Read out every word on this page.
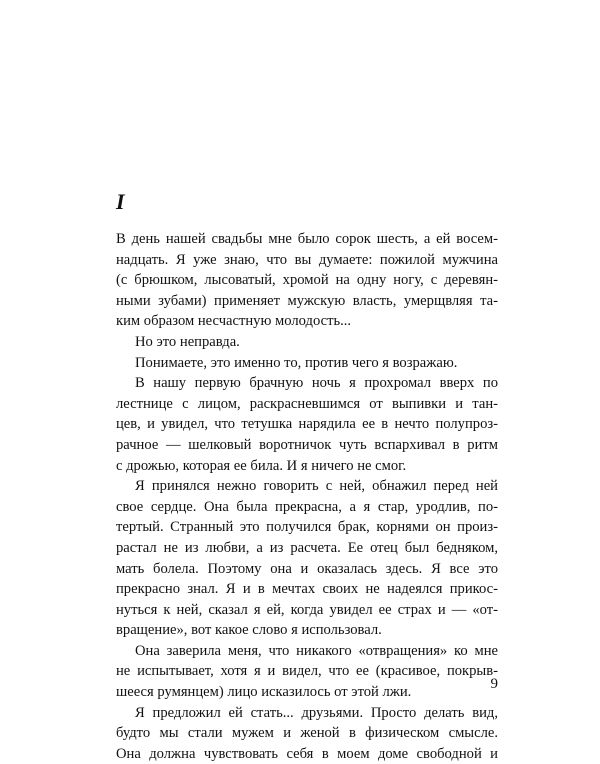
I

В день нашей свадьбы мне было сорок шесть, а ей восем-
надцать. Я уже знаю, что вы думаете: пожилой мужчина
(с брюшком, лысоватый, хромой на одну ногу, с деревян-
ными зубами) применяет мужскую власть, умерщвляя та-
ким образом несчастную молодость...
Но это неправда.
Понимаете, это именно то, против чего я возражаю.
В нашу первую брачную ночь я прохромал вверх по
лестнице с лицом, раскрасневшимся от выпивки и тан-
цев, и увидел, что тетушка нарядила ее в нечто полупроз-
рачное — шелковый воротничок чуть вспархивал в ритм
с дрожью, которая ее била. И я ничего не смог.
Я принялся нежно говорить с ней, обнажил перед ней
свое сердце. Она была прекрасна, а я стар, уродлив, по-
тертый. Странный это получился брак, корнями он произ-
растал не из любви, а из расчета. Ее отец был бедняком,
мать болела. Поэтому она и оказалась здесь. Я все это
прекрасно знал. Я и в мечтах своих не надеялся прикос-
нуться к ней, сказал я ей, когда увидел ее страх и — «от-
вращение», вот какое слово я использовал.
Она заверила меня, что никакого «отвращения» ко мне
не испытывает, хотя я и видел, что ее (красивое, покрыв-
шееся румянцем) лицо исказилось от этой лжи.
Я предложил ей стать... друзьями. Просто делать вид,
будто мы стали мужем и женой в физическом смысле.
Она должна чувствовать себя в моем доме свободной и

9
